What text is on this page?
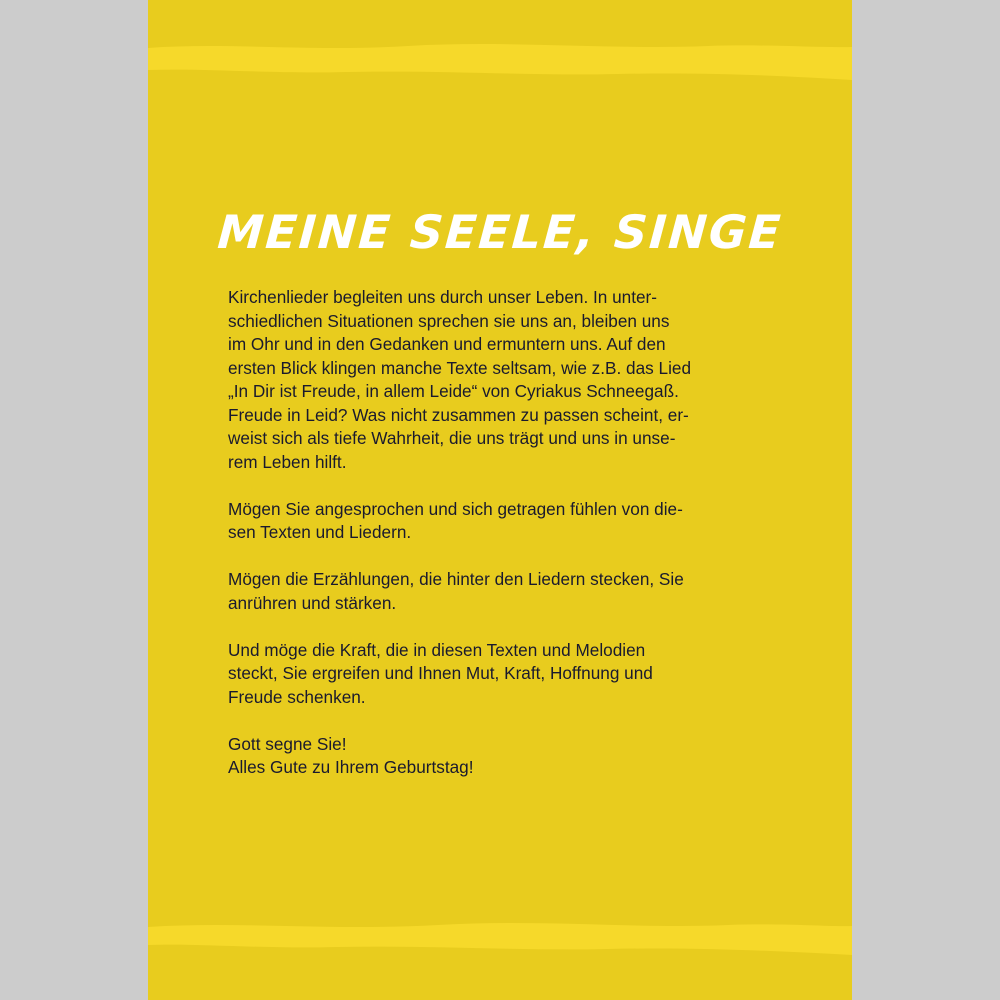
MEINE SEELE, SINGE

Kirchenlieder begleiten uns durch unser Leben. In unter-
schiedlichen Situationen sprechen sie uns an, bleiben uns
im Ohr und in den Gedanken und ermuntern uns. Auf den
ersten Blick klingen manche Texte seltsam, wie z.B. das Lied
„In Dir ist Freude, in allem Leide“ von Cyriakus Schneegaß.
Freude in Leid? Was nicht zusammen zu passen scheint, er-
weist sich als tiefe Wahrheit, die uns trägt und uns in unse-
rem Leben hilft.

Mögen Sie angesprochen und sich getragen fühlen von die-
sen Texten und Liedern.

Mögen die Erzählungen, die hinter den Liedern stecken, Sie
anrühren und stärken.

Und möge die Kraft, die in diesen Texten und Melodien
steckt, Sie ergreifen und Ihnen Mut, Kraft, Hoffnung und
Freude schenken.

Gott segne Sie!
Alles Gute zu Ihrem Geburtstag!
